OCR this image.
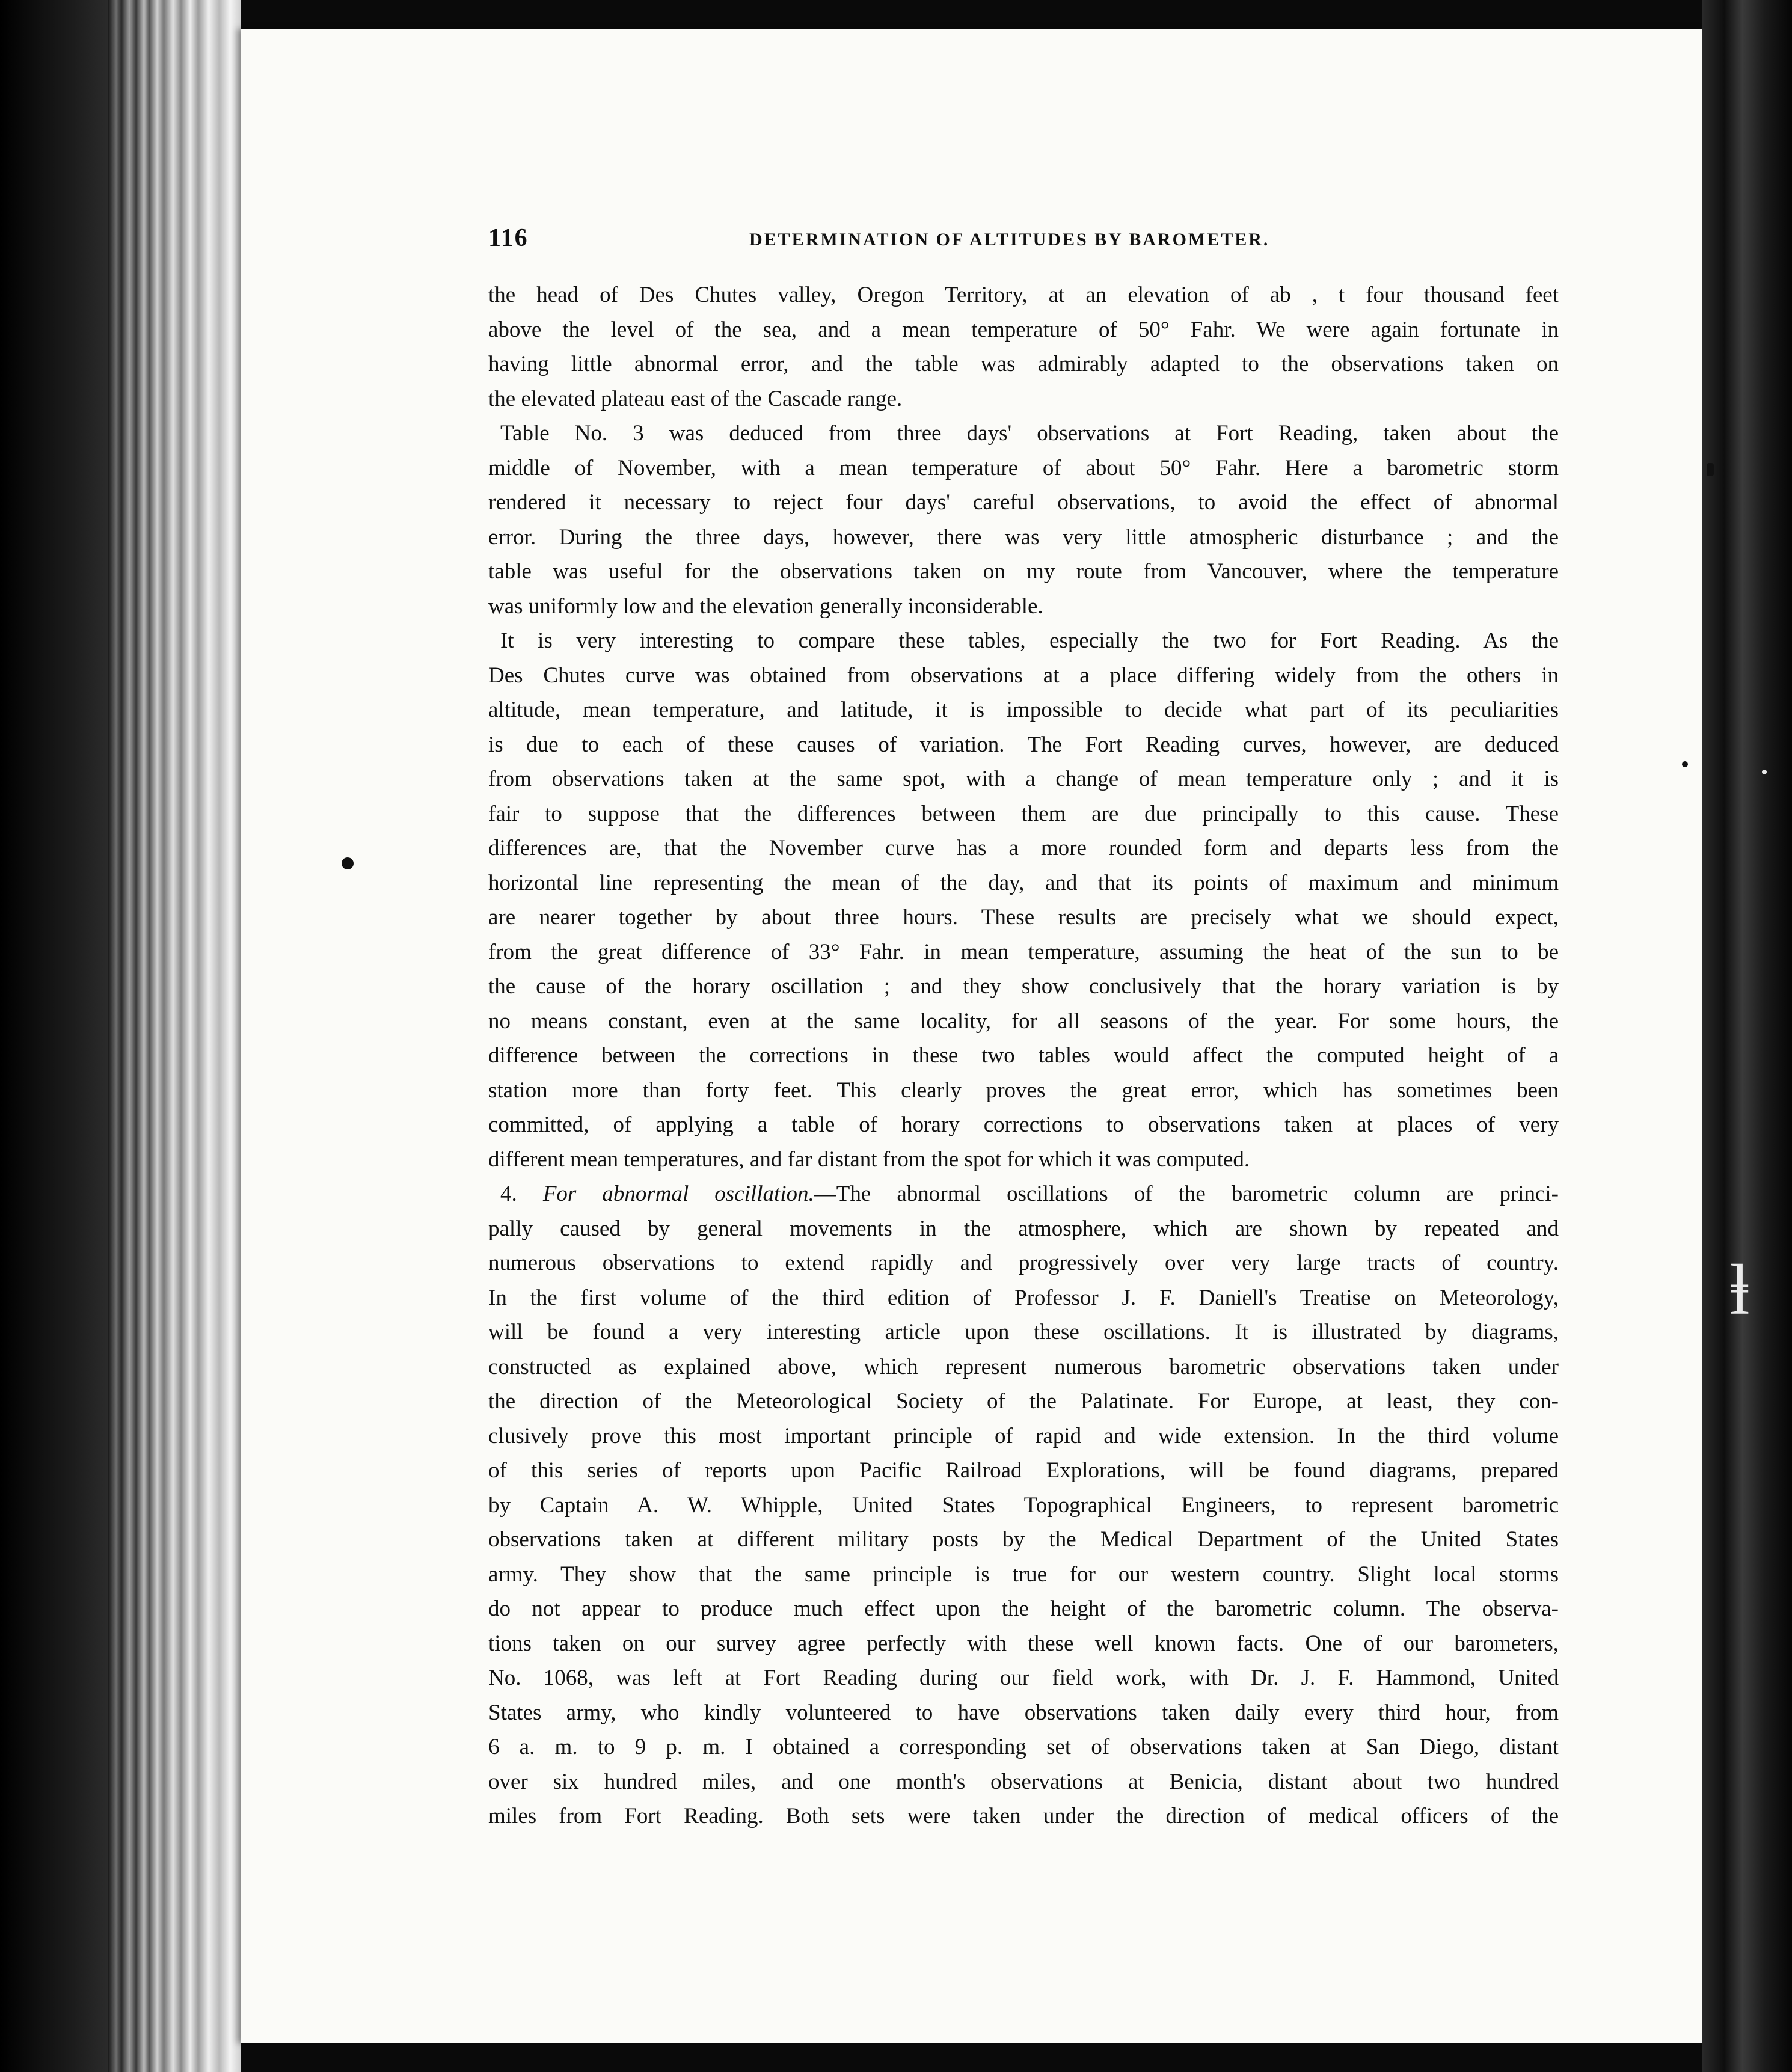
ⱡ
116	DETERMINATION OF ALTITUDES BY BAROMETER.
the head of Des Chutes valley, Oregon Territory, at an elevation of ab , t four thousand feet
above the level of the sea, and a mean temperature of 50° Fahr. We were again fortunate in
having little abnormal error, and the table was admirably adapted to the observations taken on
the elevated plateau east of the Cascade range.
Table No. 3 was deduced from three days' observations at Fort Reading, taken about the
middle of November, with a mean temperature of about 50° Fahr. Here a barometric storm
rendered it necessary to reject four days' careful observations, to avoid the effect of abnormal
error. During the three days, however, there was very little atmospheric disturbance ; and the
table was useful for the observations taken on my route from Vancouver, where the temperature
was uniformly low and the elevation generally inconsiderable.
It is very interesting to compare these tables, especially the two for Fort Reading. As the
Des Chutes curve was obtained from observations at a place differing widely from the others in
altitude, mean temperature, and latitude, it is impossible to decide what part of its peculiarities
is due to each of these causes of variation. The Fort Reading curves, however, are deduced
from observations taken at the same spot, with a change of mean temperature only ; and it is
fair to suppose that the differences between them are due principally to this cause. These
differences are, that the November curve has a more rounded form and departs less from the
horizontal line representing the mean of the day, and that its points of maximum and minimum
are nearer together by about three hours. These results are precisely what we should expect,
from the great difference of 33° Fahr. in mean temperature, assuming the heat of the sun to be
the cause of the horary oscillation ; and they show conclusively that the horary variation is by
no means constant, even at the same locality, for all seasons of the year. For some hours, the
difference between the corrections in these two tables would affect the computed height of a
station more than forty feet. This clearly proves the great error, which has sometimes been
committed, of applying a table of horary corrections to observations taken at places of very
different mean temperatures, and far distant from the spot for which it was computed.
4. For abnormal oscillation.—The abnormal oscillations of the barometric column are princi-
pally caused by general movements in the atmosphere, which are shown by repeated and
numerous observations to extend rapidly and progressively over very large tracts of country.
In the first volume of the third edition of Professor J. F. Daniell's Treatise on Meteorology,
will be found a very interesting article upon these oscillations. It is illustrated by diagrams,
constructed as explained above, which represent numerous barometric observations taken under
the direction of the Meteorological Society of the Palatinate. For Europe, at least, they con-
clusively prove this most important principle of rapid and wide extension. In the third volume
of this series of reports upon Pacific Railroad Explorations, will be found diagrams, prepared
by Captain A. W. Whipple, United States Topographical Engineers, to represent barometric
observations taken at different military posts by the Medical Department of the United States
army. They show that the same principle is true for our western country. Slight local storms
do not appear to produce much effect upon the height of the barometric column. The observa-
tions taken on our survey agree perfectly with these well known facts. One of our barometers,
No. 1068, was left at Fort Reading during our field work, with Dr. J. F. Hammond, United
States army, who kindly volunteered to have observations taken daily every third hour, from
6 a. m. to 9 p. m. I obtained a corresponding set of observations taken at San Diego, distant
over six hundred miles, and one month's observations at Benicia, distant about two hundred
miles from Fort Reading. Both sets were taken under the direction of medical officers of the
